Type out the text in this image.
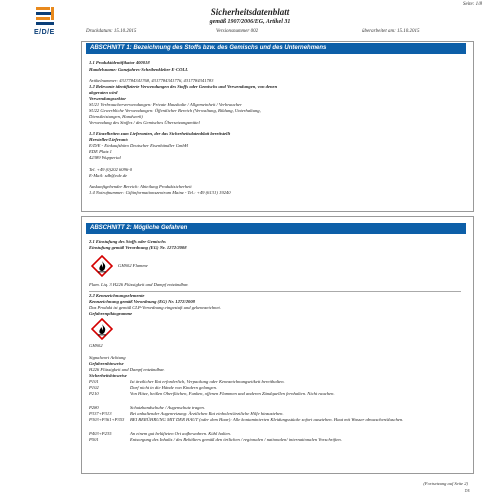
Seite: 1/8
E/D/E
Sicherheitsdatenblatt
gemäß 1907/2006/EG, Artikel 31
Druckdatum: 15.10.2015	Versionsnummer 002	überarbeitet am: 15.10.2015
ABSCHNITT 1: Bezeichnung des Stoffs bzw. des Gemischs und des Unternehmens
1.1 Produktidentifikator 400018
Handelsname: Ganzjahres-Scheibenkleber E-COLL
Artikelnummer: 4317784341768, 4317784341776, 4317784341783
1.2 Relevante identifizierte Verwendungen des Stoffs oder Gemischs und Verwendungen, von denen
abgeraten wird
Verwendungssektor
SU21 Verbraucherverwendungen: Private Haushalte / Allgemeinheit / Verbraucher
SU22 Gewerbliche Verwendungen: Öffentlicher Bereich (Verwaltung, Bildung, Unterhaltung,
Dienstleistungen, Handwerk)
Verwendung des Stoffes / des Gemisches Übersetzungsmittel
1.3 Einzelheiten zum Lieferanten, der das Sicherheitsdatenblatt bereitstellt
Hersteller/Lieferant:
E/D/E - Einkaufsbüro Deutscher Eisenhändler GmbH
EDE Platz 1
42389 Wuppertal
Tel. +49 (0)202 6096-0
E-Mail: sdb@ede.de
Auskunftgebender Bereich: Abteilung Produktsicherheit
1.4 Notrufnummer: Giftinformationszentrum Mainz - Tel.: +49 (6131) 19240
ABSCHNITT 2: Mögliche Gefahren
2.1 Einstufung des Stoffs oder Gemischs
Einstufung gemäß Verordnung (EG) Nr. 1272/2008
GHS02 Flamme
Flam. Liq. 3 H226 Flüssigkeit und Dampf entzündbar.
2.2 Kennzeichnungselemente
Kennzeichnung gemäß Verordnung (EG) Nr. 1272/2008
Das Produkt ist gemäß CLP-Verordnung eingestuft und gekennzeichnet.
Gefahrenpiktogramme
GHS02
Signalwort Achtung
Gefahrenhinweise
H226 Flüssigkeit und Dampf entzündbar.
Sicherheitshinweise
P101	Ist ärztlicher Rat erforderlich, Verpackung oder Kennzeichnungsetikett bereithalten.
P102	Darf nicht in die Hände von Kindern gelangen.
P210	Von Hitze, heißen Oberflächen, Funken, offenen Flammen und anderen Zündquellen fernhalten. Nicht rauchen.
P280	Schutzhandschuhe / Augenschutz tragen.
P337+P313	Bei anhaltender Augenreizung: Ärztlichen Rat einholen/ärztliche Hilfe hinzuziehen.
P303+P361+P353 BEI BERÜHRUNG MIT DER HAUT (oder dem Haar): Alle kontaminierten Kleidungsstücke sofort ausziehen. Haut mit Wasser abwaschen/duschen.
P403+P235	An einem gut belüfteten Ort aufbewahren. Kühl halten.
P501	Entsorgung des Inhalts / des Behälters gemäß den örtlichen / regionalen / nationalen/ internationalen Vorschriften.
(Fortsetzung auf Seite 2)
DE
